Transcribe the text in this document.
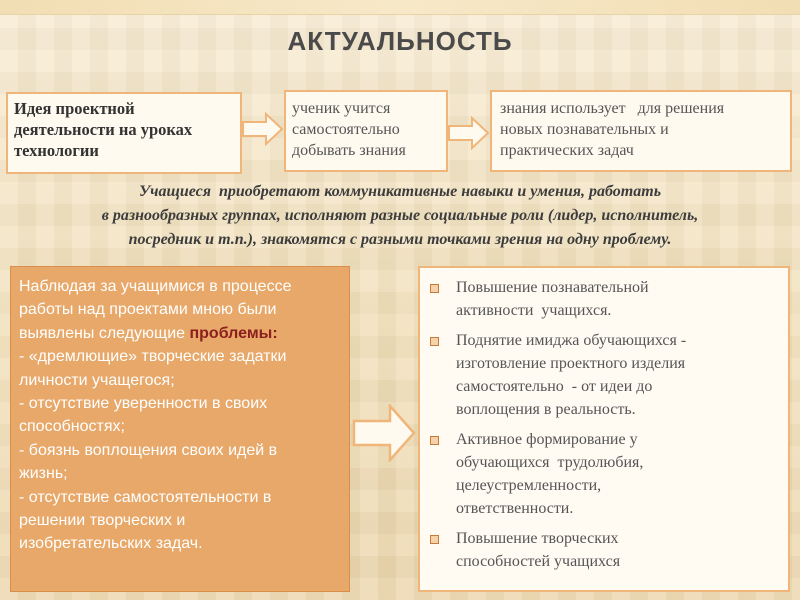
АКТУАЛЬНОСТЬ
Идея проектной
деятельности на уроках
технологии
ученик учится
самостоятельно
добывать знания
знания использует   для решения
новых познавательных и
практических задач
Учащиеся  приобретают коммуникативные навыки и умения, работать
в разнообразных группах, исполняют разные социальные роли (лидер, исполнитель,
посредник и т.п.), знакомятся с разными точками зрения на одну проблему.
Наблюдая за учащимися в процессе
работы над проектами мною были
выявлены следующие проблемы:
- «дремлющие» творческие задатки
личности учащегося;
- отсутствие уверенности в своих
способностях;
- боязнь воплощения своих идей в
жизнь;
- отсутствие самостоятельности в
решении творческих и
изобретательских задач.
Повышение познавательной
активности  учащихся.
Поднятие имиджа обучающихся -
изготовление проектного изделия
самостоятельно  - от идеи до
воплощения в реальность.
Активное формирование у
обучающихся  трудолюбия,
целеустремленности,
ответственности.
Повышение творческих
способностей учащихся
